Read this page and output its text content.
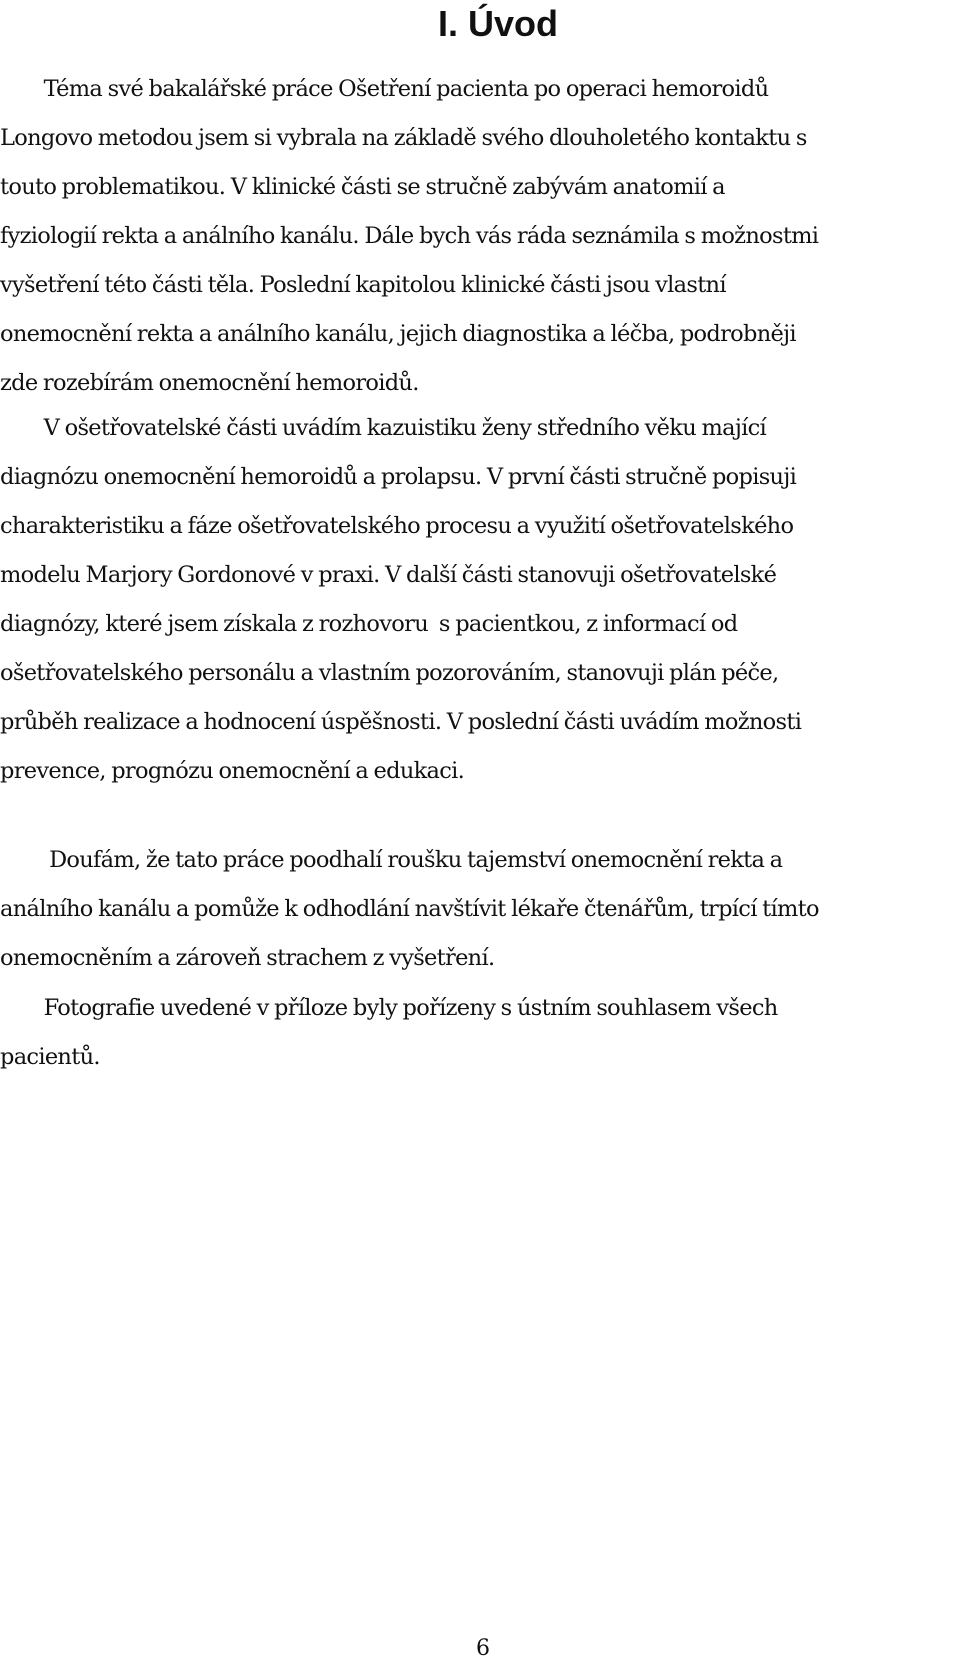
I. Úvod
Téma své bakalářské práce Ošetření pacienta po operaci hemoroidů
Longovo metodou jsem si vybrala na základě svého dlouholetého kontaktu s
touto problematikou. V klinické části se stručně zabývám anatomií a
fyziologií rekta a análního kanálu. Dále bych vás ráda seznámila s možnostmi
vyšetření této části těla. Poslední kapitolou klinické části jsou vlastní
onemocnění rekta a análního kanálu, jejich diagnostika a léčba, podrobněji
zde rozebírám onemocnění hemoroidů.
V ošetřovatelské části uvádím kazuistiku ženy středního věku mající
diagnózu onemocnění hemoroidů a prolapsu. V první části stručně popisuji
charakteristiku a fáze ošetřovatelského procesu a využití ošetřovatelského
modelu Marjory Gordonové v praxi. V další části stanovuji ošetřovatelské
diagnózy, které jsem získala z rozhovoru  s pacientkou, z informací od
ošetřovatelského personálu a vlastním pozorováním, stanovuji plán péče,
průběh realizace a hodnocení úspěšnosti. V poslední části uvádím možnosti
prevence, prognózu onemocnění a edukaci.
Doufám, že tato práce poodhalí roušku tajemství onemocnění rekta a
análního kanálu a pomůže k odhodlání navštívit lékaře čtenářům, trpící tímto
onemocněním a zároveň strachem z vyšetření.
Fotografie uvedené v příloze byly pořízeny s ústním souhlasem všech
pacientů.
6
